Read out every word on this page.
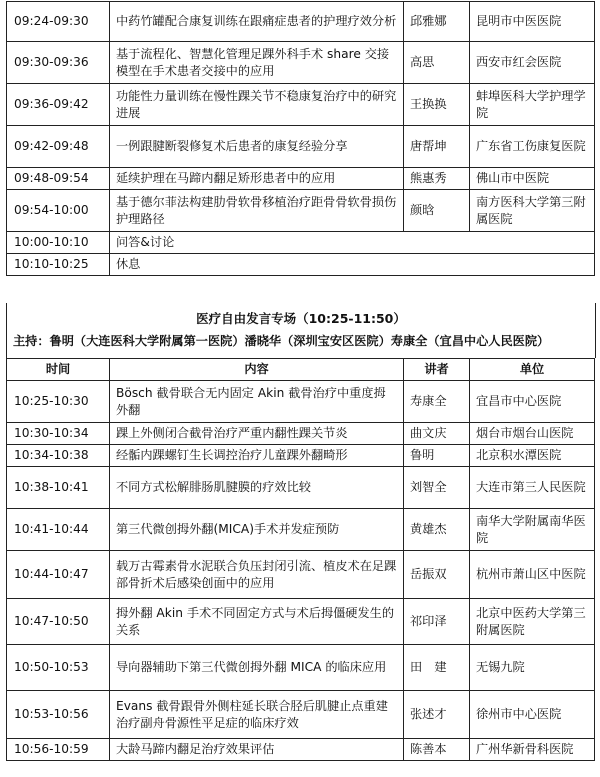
09:24-09:30	中药竹罐配合康复训练在跟痛症患者的护理疗效分析	邱雅娜	昆明市中医医院
09:30-09:36	基于流程化、智慧化管理足踝外科手术 share 交接模型在手术患者交接中的应用	高思	西安市红会医院
09:36-09:42	功能性力量训练在慢性踝关节不稳康复治疗中的研究进展	王换换	蚌埠医科大学护理学院
09:42-09:48	一例跟腱断裂修复术后患者的康复经验分享	唐帮坤	广东省工伤康复医院
09:48-09:54	延续护理在马蹄内翻足矫形患者中的应用	熊惠秀	佛山市中医院
09:54-10:00	基于德尔菲法构建肋骨软骨移植治疗距骨骨软骨损伤护理路径	颜晗	南方医科大学第三附属医院
10:00-10:10	问答&讨论		
10:10-10:25	休息		
医疗自由发言专场（10:25-11:50）
主持：鲁明（大连医科大学附属第一医院）潘晓华（深圳宝安区医院）寿康全（宜昌中心人民医院）
时间	内容	讲者	单位
10:25-10:30	Bösch 截骨联合无内固定 Akin 截骨治疗中重度拇外翻	寿康全	宜昌市中心医院
10:30-10:34	踝上外侧闭合截骨治疗严重内翻性踝关节炎	曲文庆	烟台市烟台山医院
10:34-10:38	经骺内踝螺钉生长调控治疗儿童踝外翻畸形	鲁明	北京积水潭医院
10:38-10:41	不同方式松解腓肠肌腱膜的疗效比较	刘智全	大连市第三人民医院
10:41-10:44	第三代微创拇外翻(MICA)手术并发症预防	黄雄杰	南华大学附属南华医院
10:44-10:47	载万古霉素骨水泥联合负压封闭引流、植皮术在足踝部骨折术后感染创面中的应用	岳振双	杭州市萧山区中医院
10:47-10:50	拇外翻 Akin 手术不同固定方式与术后拇僵硬发生的关系	祁印泽	北京中医药大学第三附属医院
10:50-10:53	导向器辅助下第三代微创拇外翻 MICA 的临床应用	田　建	无锡九院
10:53-10:56	Evans 截骨跟骨外侧柱延长联合胫后肌腱止点重建治疗副舟骨源性平足症的临床疗效	张述才	徐州市中心医院
10:56-10:59	大龄马蹄内翻足治疗效果评估	陈善本	广州华新骨科医院
